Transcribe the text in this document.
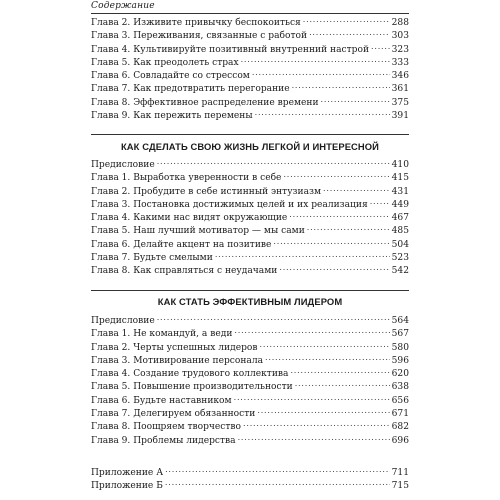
Содержание
Глава 2. Изживите привычку беспокоиться .....	288
Глава 3. Переживания, связанные с работой .....	303
Глава 4. Культивируйте позитивный внутренний настрой ..... 323
Глава 5. Как преодолеть страх .....	333
Глава 6. Совладайте со стрессом .....	346
Глава 7. Как предотвратить перегорание .....	361
Глава 8. Эффективное распределение времени .....	375
Глава 9. Как пережить перемены .....	391
КАК СДЕЛАТЬ СВОЮ ЖИЗНЬ ЛЕГКОЙ И ИНТЕРЕСНОЙ
Предисловие .....	410
Глава 1. Выработка уверенности в себе .....	415
Глава 2. Пробудите в себе истинный энтузиазм .....	431
Глава 3. Постановка достижимых целей и их реализация .....	449
Глава 4. Какими нас видят окружающие .....	467
Глава 5. Наш лучший мотиватор — мы сами .....	485
Глава 6. Делайте акцент на позитиве .....	504
Глава 7. Будьте смелыми .....	523
Глава 8. Как справляться с неудачами .....	542
КАК СТАТЬ ЭФФЕКТИВНЫМ ЛИДЕРОМ
Предисловие .....	564
Глава 1. Не командуй, а веди .....	567
Глава 2. Черты успешных лидеров .....	580
Глава 3. Мотивирование персонала .....	596
Глава 4. Создание трудового коллектива .....	620
Глава 5. Повышение производительности .....	638
Глава 6. Будьте наставником .....	656
Глава 7. Делегируем обязанности .....	671
Глава 8. Поощряем творчество .....	682
Глава 9. Проблемы лидерства .....	696
Приложение А .....	711
Приложение Б .....	715
